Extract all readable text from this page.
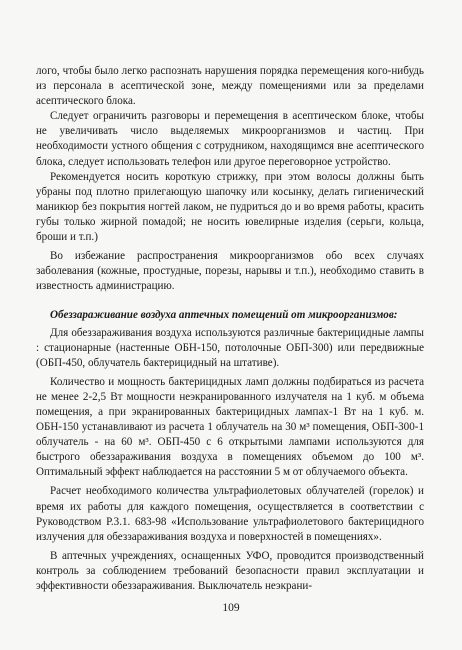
лого, чтобы было легко распознать нарушения порядка перемещения кого-нибудь из персонала в асептической зоне, между помещениями или за пределами асептического блока.

Следует ограничить разговоры и перемещения в асептическом блоке, чтобы не увеличивать число выделяемых микроорганизмов и частиц. При необходимости устного общения с сотрудником, находящимся вне асептического блока, следует использовать телефон или другое переговорное устройство.

Рекомендуется носить короткую стрижку, при этом волосы должны быть убраны под плотно прилегающую шапочку или косынку, делать гигиенический маникюр без покрытия ногтей лаком, не пудриться до и во время работы, красить губы только жирной помадой; не носить ювелирные изделия (серьги, кольца, броши и т.п.)

Во избежание распространения микроорганизмов обо всех случаях заболевания (кожные, простудные, порезы, нарывы и т.п.), необходимо ставить в известность администрацию.

Обеззараживание воздуха аптечных помещений от микроорганизмов:

Для обеззараживания воздуха используются различные бактерицидные лампы : стационарные (настенные ОБН-150, потолочные ОБП-300) или передвижные (ОБП-450, облучатель бактерицидный на штативе).

Количество и мощность бактерицидных ламп должны подбираться из расчета не менее 2-2,5 Вт мощности неэкранированного излучателя на 1 куб. м объема помещения, а при экранированных бактерицидных лампах-1 Вт на 1 куб. м. ОБН-150 устанавливают из расчета 1 облучатель на 30 м³ помещения, ОБП-300-1 облучатель - на 60 м³. ОБП-450 с 6 открытыми лампами используются для быстрого обеззараживания воздуха в помещениях объемом до 100 м³. Оптимальный эффект наблюдается на расстоянии 5 м от облучаемого объекта.

Расчет необходимого количества ультрафиолетовых облучателей (горелок) и время их работы для каждого помещения, осуществляется в соответствии с Руководством Р.3.1. 683-98 «Использование ультрафиолетового бактерицидного излучения для обеззараживания воздуха и поверхностей в помещениях».

В аптечных учреждениях, оснащенных УФО, проводится производственный контроль за соблюдением требований безопасности правил эксплуатации и эффективности обеззараживания. Выключатель неэкрани-

109
